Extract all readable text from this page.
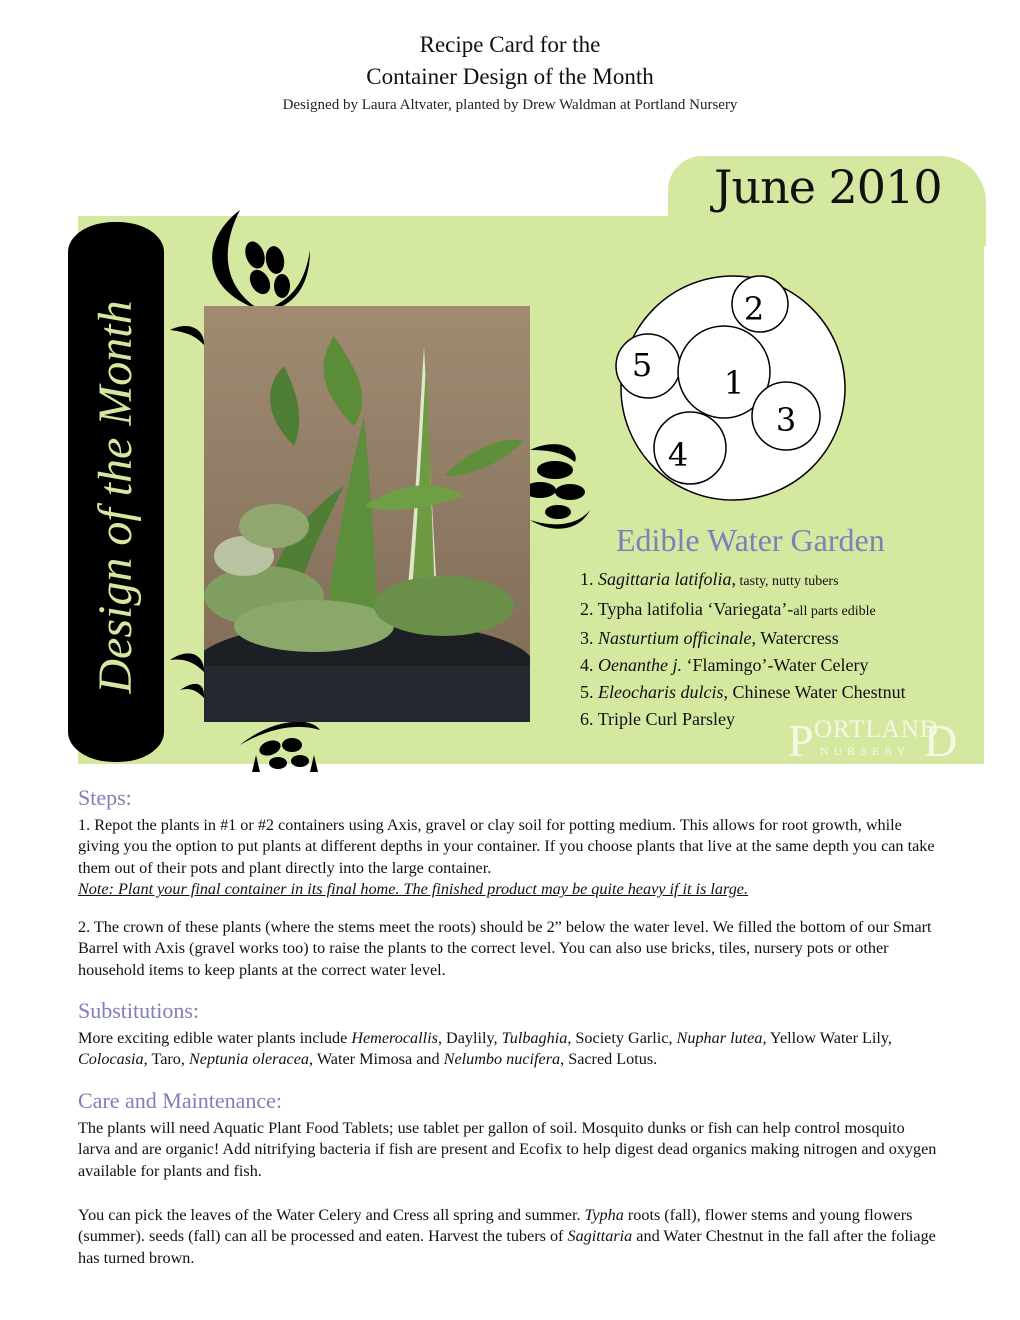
Recipe Card for the
Container Design of the Month
Designed by Laura Altvater, planted by Drew Waldman at Portland Nursery
June 2010
Design of the Month	2
5 1
3
4
Edible Water Garden
1. Sagittaria latifolia, tasty, nutty tubers
2. Typha latifolia ‘Variegata’-all parts edible
3. Nasturtium officinale, Watercress
4. Oenanthe j. ‘Flamingo’-Water Celery
5. Eleocharis dulcis, Chinese Water Chestnut
6. Triple Curl Parsley	P ORTLAND
NURSERY D
Steps:
1. Repot the plants in #1 or #2 containers using Axis, gravel or clay soil for potting medium. This allows for root growth, while giving you the option to put plants at different depths in your container. If you choose plants that live at the same depth you can take them out of their pots and plant directly into the large container.
Note: Plant your final container in its final home. The finished product may be quite heavy if it is large.
2. The crown of these plants (where the stems meet the roots) should be 2” below the water level. We filled the bottom of our Smart Barrel with Axis (gravel works too) to raise the plants to the correct level. You can also use bricks, tiles, nursery pots or other household items to keep plants at the correct water level.
Substitutions:
More exciting edible water plants include Hemerocallis, Daylily, Tulbaghia, Society Garlic, Nuphar lutea, Yellow Water Lily, Colocasia, Taro, Neptunia oleracea, Water Mimosa and Nelumbo nucifera, Sacred Lotus.
Care and Maintenance:
The plants will need Aquatic Plant Food Tablets; use tablet per gallon of soil. Mosquito dunks or fish can help control mosquito larva and are organic! Add nitrifying bacteria if fish are present and Ecofix to help digest dead organics making nitrogen and oxygen available for plants and fish.
You can pick the leaves of the Water Celery and Cress all spring and summer. Typha roots (fall), flower stems and young flowers (summer). seeds (fall) can all be processed and eaten. Harvest the tubers of Sagittaria and Water Chestnut in the fall after the foliage has turned brown.
